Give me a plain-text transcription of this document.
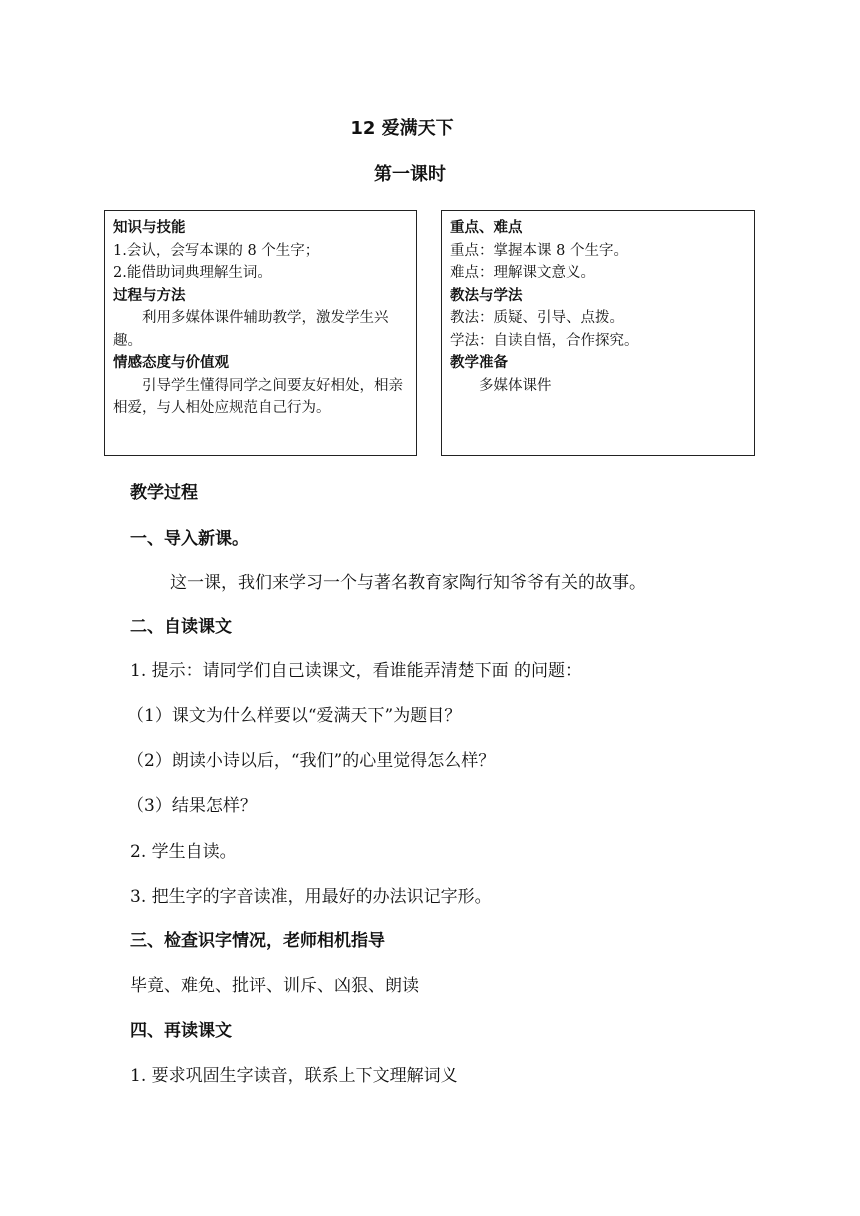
12 爱满天下
第一课时
知识与技能
1.会认，会写本课的 8 个生字；
2.能借助词典理解生词。
过程与方法
利用多媒体课件辅助教学，激发学生兴趣。
情感态度与价值观
引导学生懂得同学之间要友好相处，相亲相爱，与人相处应规范自己行为。
重点、难点
重点：掌握本课 8 个生字。
难点：理解课文意义。
教法与学法
教法：质疑、引导、点拨。
学法：自读自悟，合作探究。
教学准备
多媒体课件
教学过程
一、导入新课。
这一课，我们来学习一个与著名教育家陶行知爷爷有关的故事。
二、自读课文
1. 提示：请同学们自己读课文，看谁能弄清楚下面 的问题：
（1）课文为什么样要以“爱满天下”为题目？
（2）朗读小诗以后，“我们”的心里觉得怎么样？
（3）结果怎样？
2. 学生自读。
3. 把生字的字音读准，用最好的办法识记字形。
三、检查识字情况，老师相机指导
毕竟、难免、批评、训斥、凶狠、朗读
四、再读课文
1. 要求巩固生字读音，联系上下文理解词义
